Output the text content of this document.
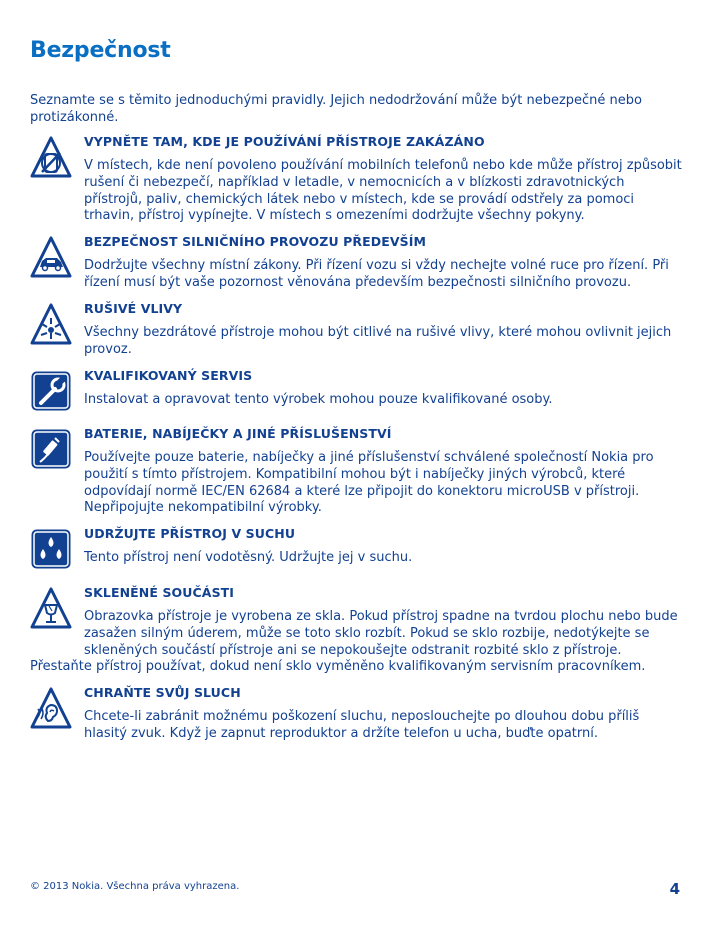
Bezpečnost
Seznamte se s těmito jednoduchými pravidly. Jejich nedodržování může být nebezpečné nebo protizákonné.
VYPNĚTE TAM, KDE JE POUŽÍVÁNÍ PŘÍSTROJE ZAKÁZÁNO
V místech, kde není povoleno používání mobilních telefonů nebo kde může přístroj způsobit rušení či nebezpečí, například v letadle, v nemocnicích a v blízkosti zdravotnických přístrojů, paliv, chemických látek nebo v místech, kde se provádí odstřely za pomoci trhavin, přístroj vypínejte. V místech s omezeními dodržujte všechny pokyny.
BEZPEČNOST SILNIČNÍHO PROVOZU PŘEDEVŠÍM
Dodržujte všechny místní zákony. Při řízení vozu si vždy nechejte volné ruce pro řízení. Při řízení musí být vaše pozornost věnována především bezpečnosti silničního provozu.
RUŠIVÉ VLIVY
Všechny bezdrátové přístroje mohou být citlivé na rušivé vlivy, které mohou ovlivnit jejich provoz.
KVALIFIKOVANÝ SERVIS
Instalovat a opravovat tento výrobek mohou pouze kvalifikované osoby.
BATERIE, NABÍJEČKY A JINÉ PŘÍSLUŠENSTVÍ
Používejte pouze baterie, nabíječky a jiné příslušenství schválené společností Nokia pro použití s tímto přístrojem. Kompatibilní mohou být i nabíječky jiných výrobců, které odpovídají normě IEC/EN 62684 a které lze připojit do konektoru microUSB v přístroji. Nepřipojujte nekompatibilní výrobky.
UDRŽUJTE PŘÍSTROJ V SUCHU
Tento přístroj není vodotěsný. Udržujte jej v suchu.
SKLENĚNÉ SOUČÁSTI
Obrazovka přístroje je vyrobena ze skla. Pokud přístroj spadne na tvrdou plochu nebo bude zasažen silným úderem, může se toto sklo rozbít. Pokud se sklo rozbije, nedotýkejte se skleněných součástí přístroje ani se nepokoušejte odstranit rozbité sklo z přístroje. Přestaňte přístroj používat, dokud není sklo vyměněno kvalifikovaným servisním pracovníkem.
CHRAŇTE SVŮJ SLUCH
Chcete-li zabránit možnému poškození sluchu, neposlouchejte po dlouhou dobu příliš hlasitý zvuk. Když je zapnut reproduktor a držíte telefon u ucha, buďte opatrní.
© 2013 Nokia. Všechna práva vyhrazena.	4
